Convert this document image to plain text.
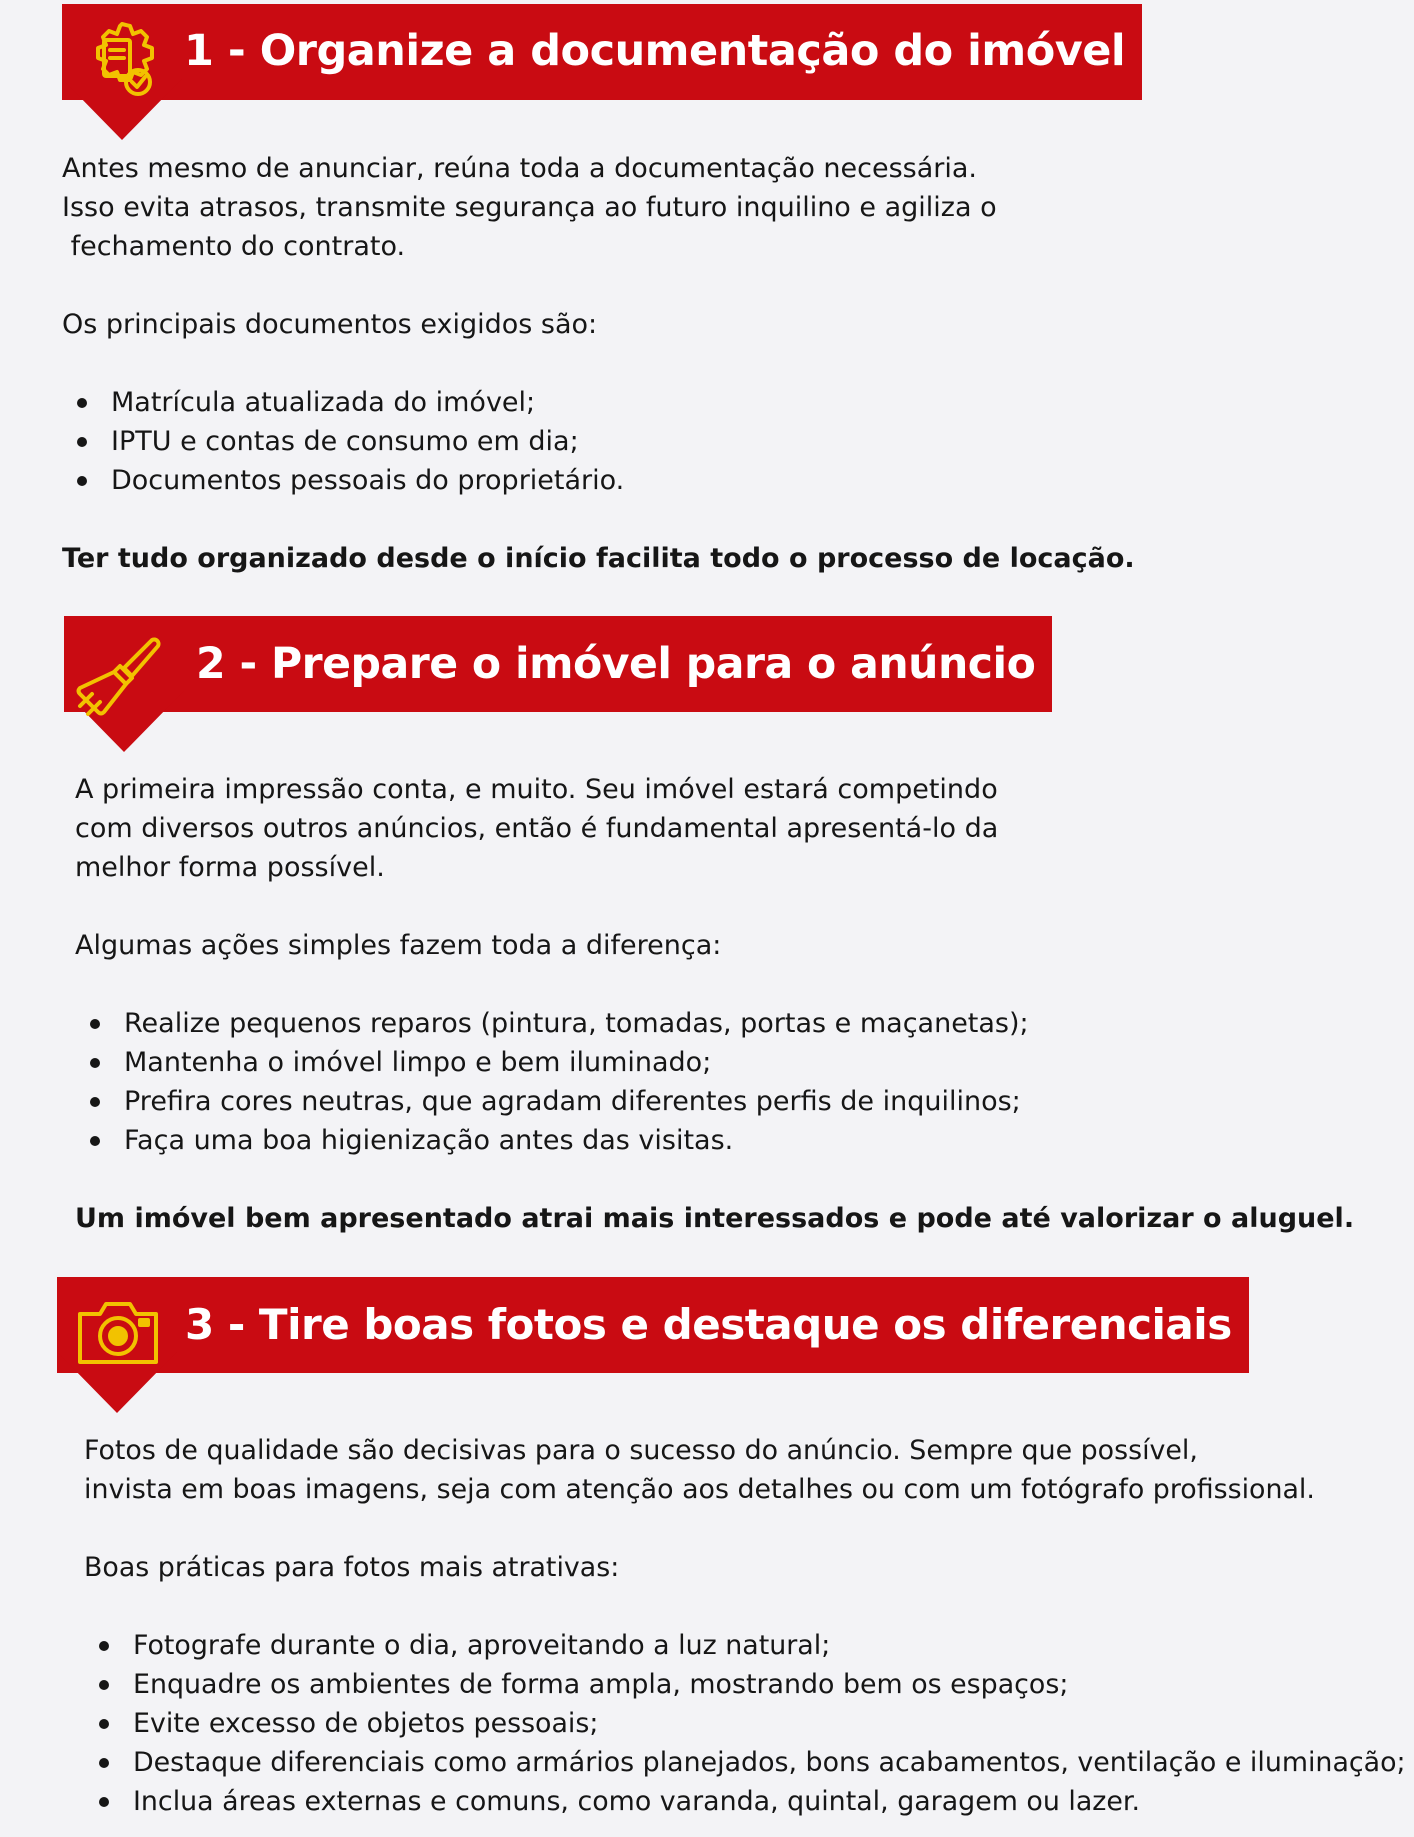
1 - Organize a documentação do imóvel

Antes mesmo de anunciar, reúna toda a documentação necessária.

Isso evita atrasos, transmite segurança ao futuro inquilino e agiliza o

fechamento do contrato.

Os principais documentos exigidos são:

Matrícula atualizada do imóvel;
IPTU e contas de consumo em dia;
Documentos pessoais do proprietário.

Ter tudo organizado desde o início facilita todo o processo de locação.

2 - Prepare o imóvel para o anúncio

A primeira impressão conta, e muito. Seu imóvel estará competindo

com diversos outros anúncios, então é fundamental apresentá-lo da

melhor forma possível.

Algumas ações simples fazem toda a diferença:

Realize pequenos reparos (pintura, tomadas, portas e maçanetas);
Mantenha o imóvel limpo e bem iluminado;
Prefira cores neutras, que agradam diferentes perfis de inquilinos;
Faça uma boa higienização antes das visitas.

Um imóvel bem apresentado atrai mais interessados e pode até valorizar o aluguel.

3 - Tire boas fotos e destaque os diferenciais

Fotos de qualidade são decisivas para o sucesso do anúncio. Sempre que possível,

invista em boas imagens, seja com atenção aos detalhes ou com um fotógrafo profissional.

Boas práticas para fotos mais atrativas:

Fotografe durante o dia, aproveitando a luz natural;
Enquadre os ambientes de forma ampla, mostrando bem os espaços;
Evite excesso de objetos pessoais;
Destaque diferenciais como armários planejados, bons acabamentos, ventilação e iluminação;
Inclua áreas externas e comuns, como varanda, quintal, garagem ou lazer.
